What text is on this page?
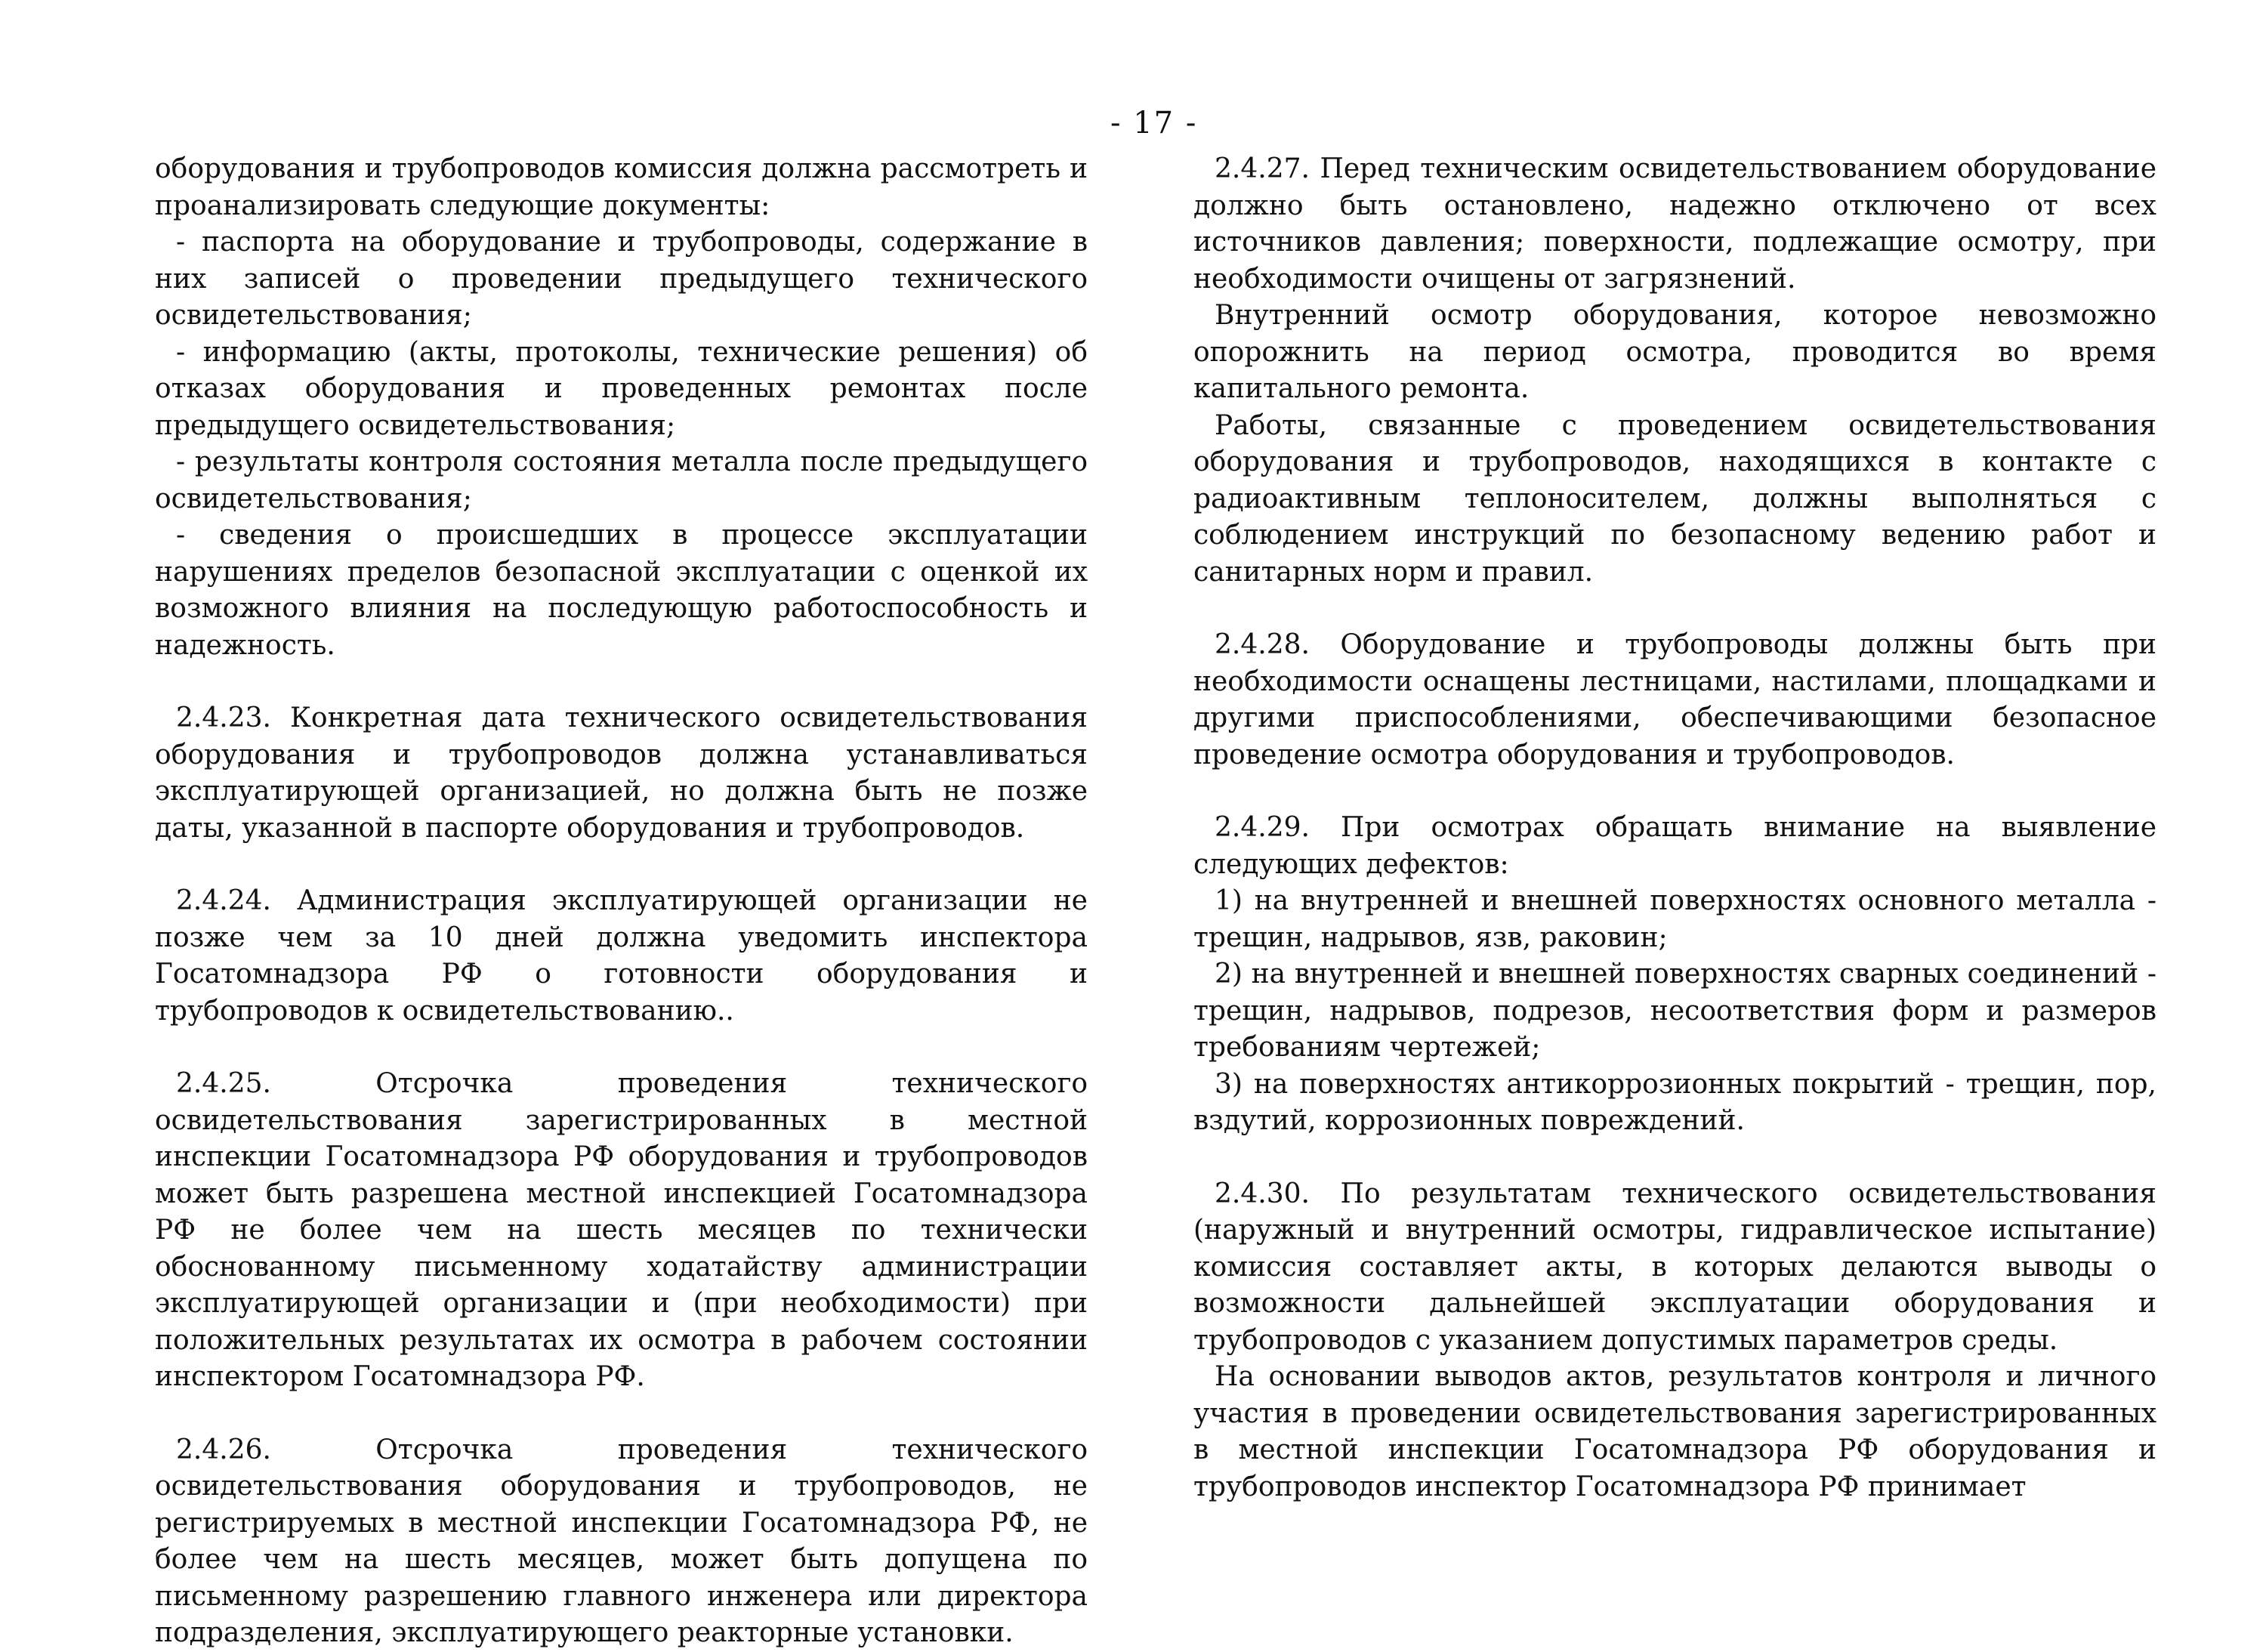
- 17 -

оборудования и трубопроводов комиссия должна рассмотреть и проанализировать следующие документы:

- паспорта на оборудование и трубопроводы, содержание в них записей о проведении предыдущего технического освидетельствования;

- информацию (акты, протоколы, технические решения) об отказах оборудования и проведенных ремонтах после предыдущего освидетельствования;

- результаты контроля состояния металла после предыдущего освидетельствования;

- сведения о происшедших в процессе эксплуатации нарушениях пределов безопасной эксплуатации с оценкой их возможного влияния на последующую работоспособность и надежность.

2.4.23. Конкретная дата технического освидетельствования оборудования и трубопроводов должна устанавливаться эксплуатирующей организацией, но должна быть не позже даты, указанной в паспорте оборудования и трубопроводов.

2.4.24. Администрация эксплуатирующей организации не позже чем за 10 дней должна уведомить инспектора Госатомнадзора РФ о готовности оборудования и трубопроводов к освидетельствованию..

2.4.25. Отсрочка проведения технического освидетельствования зарегистрированных в местной инспекции Госатомнадзора РФ оборудования и трубопроводов может быть разрешена местной инспекцией Госатомнадзора РФ не более чем на шесть месяцев по технически обоснованному письменному ходатайству администрации эксплуатирующей организации и (при необходимости) при положительных результатах их осмотра в рабочем состоянии инспектором Госатомнадзора РФ.

2.4.26. Отсрочка проведения технического освидетельствования оборудования и трубопроводов, не регистрируемых в местной инспекции Госатомнадзора РФ, не более чем на шесть месяцев, может быть допущена по письменному разрешению главного инженера или директора подразделения, эксплуатирующего реакторные установки.

2.4.27. Перед техническим освидетельствованием оборудование должно быть остановлено, надежно отключено от всех источников давления; поверхности, подлежащие осмотру, при необходимости очищены от загрязнений.

Внутренний осмотр оборудования, которое невозможно опорожнить на период осмотра, проводится во время капитального ремонта.

Работы, связанные с проведением освидетельствования оборудования и трубопроводов, находящихся в контакте с радиоактивным теплоносителем, должны выполняться с соблюдением инструкций по безопасному ведению работ и санитарных норм и правил.

2.4.28. Оборудование и трубопроводы должны быть при необходимости оснащены лестницами, настилами, площадками и другими приспособлениями, обеспечивающими безопасное проведение осмотра оборудования и трубопроводов.

2.4.29. При осмотрах обращать внимание на выявление следующих дефектов:

1) на внутренней и внешней поверхностях основного металла - трещин, надрывов, язв, раковин;

2) на внутренней и внешней поверхностях сварных соединений - трещин, надрывов, подрезов, несоответствия форм и размеров требованиям чертежей;

3) на поверхностях антикоррозионных покрытий - трещин, пор, вздутий, коррозионных повреждений.

2.4.30. По результатам технического освидетельствования (наружный и внутренний осмотры, гидравлическое испытание) комиссия составляет акты, в которых делаются выводы о возможности дальнейшей эксплуатации оборудования и трубопроводов с указанием допустимых параметров среды.

На основании выводов актов, результатов контроля и личного участия в проведении освидетельствования зарегистрированных в местной инспекции Госатомнадзора РФ оборудования и трубопроводов инспектор Госатомнадзора РФ принимает
